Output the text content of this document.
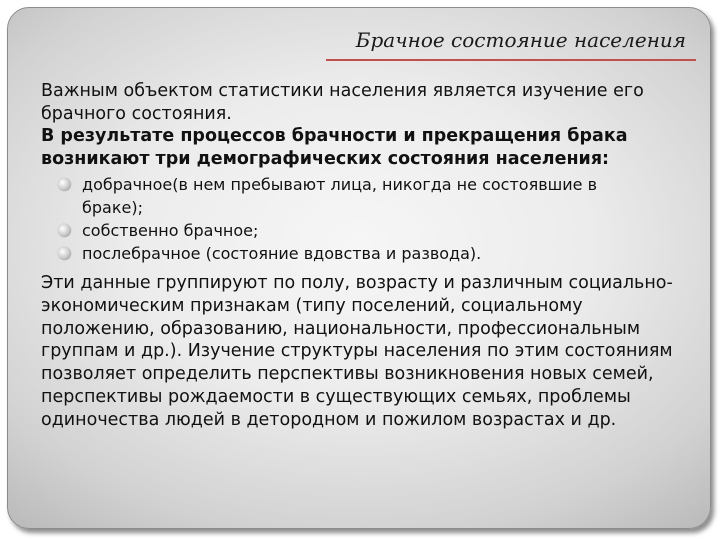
Брачное состояние населения

Важным объектом статистики населения является изучение его брачного состояния.

В результате процессов брачности и прекращения брака возникают три демографических состояния населения:

добрачное(в нем пребывают лица, никогда не состоявшие в браке);
собственно брачное;
послебрачное (состояние вдовства и развода).

Эти данные группируют по полу, возрасту и различным социально-экономическим признакам (типу поселений, социальному положению, образованию, национальности, профессиональным группам и др.). Изучение структуры населения по этим состояниям позволяет определить перспективы возникновения новых семей, перспективы рождаемости в существующих семьях, проблемы одиночества людей в детородном и пожилом возрастах и др.
